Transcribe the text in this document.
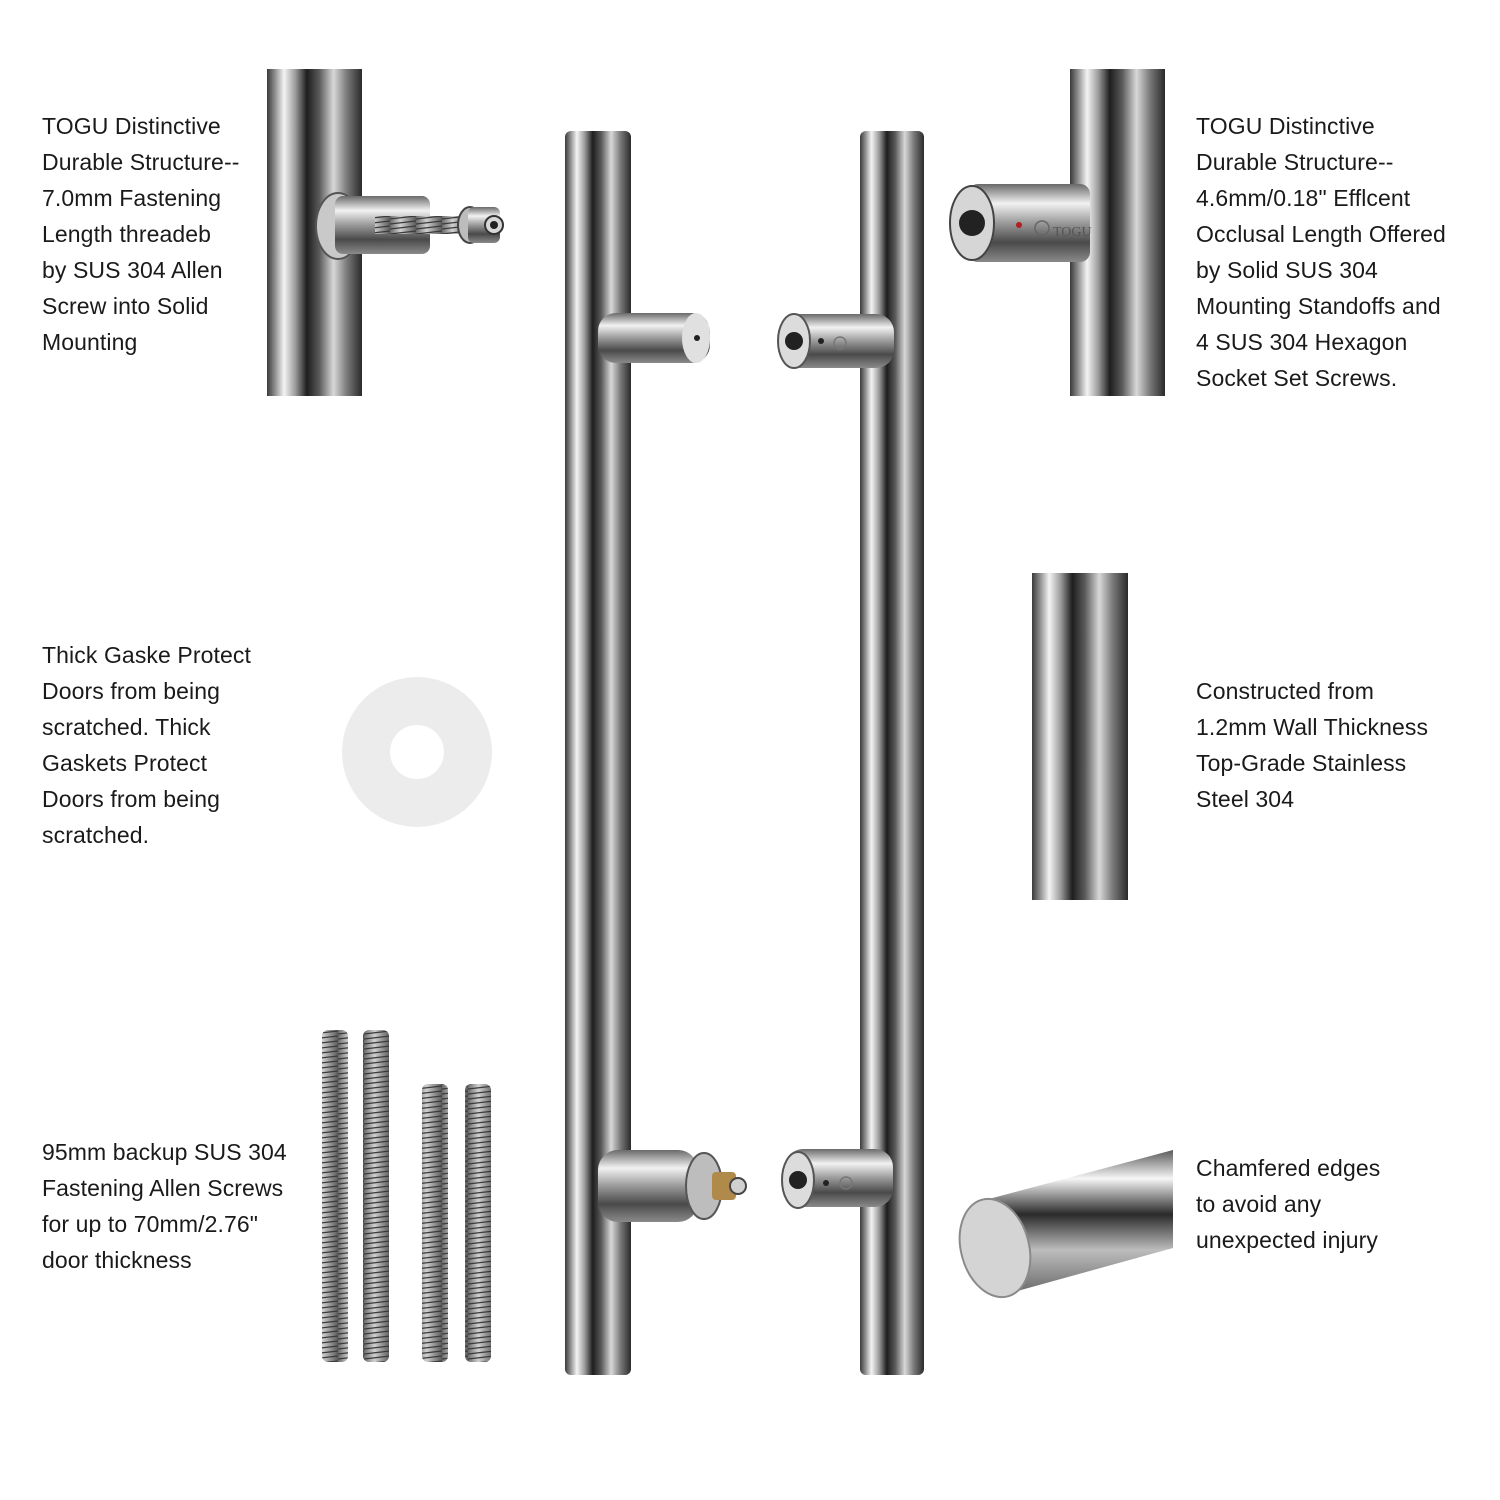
TOGU
TOGU Distinctive
Durable Structure--
7.0mm Fastening
Length threadeb
by SUS 304 Allen
Screw into Solid
Mounting
TOGU Distinctive
Durable Structure--
4.6mm/0.18" Efflcent
Occlusal Length Offered
by Solid SUS 304
Mounting Standoffs and
4 SUS 304 Hexagon
Socket Set Screws.
Thick Gaske Protect
Doors from being
scratched. Thick
Gaskets Protect
Doors from being
scratched.
Constructed from
1.2mm Wall Thickness
Top-Grade Stainless
Steel 304
95mm backup SUS 304
Fastening Allen Screws
for up to 70mm/2.76"
door thickness
Chamfered edges
to avoid any
unexpected injury
